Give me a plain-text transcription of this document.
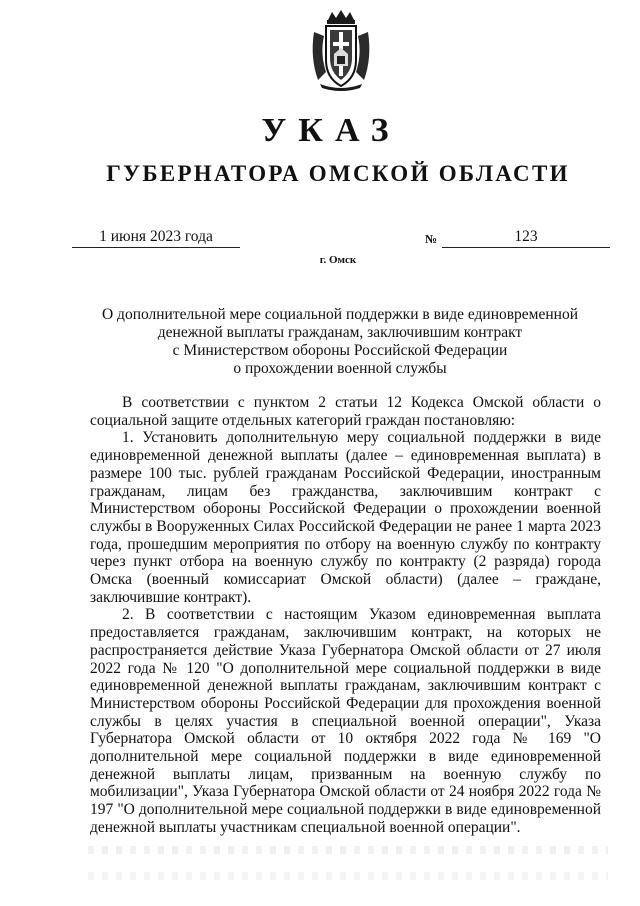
УКАЗ
ГУБЕРНАТОРА ОМСКОЙ ОБЛАСТИ
1 июня 2023 года	№	123
г. Омск
О дополнительной мере социальной поддержки в виде единовременной
денежной выплаты гражданам, заключившим контракт
с Министерством обороны Российской Федерации
о прохождении военной службы

В соответствии с пунктом 2 статьи 12 Кодекса Омской области о социальной защите отдельных категорий граждан постановляю:

1. Установить дополнительную меру социальной поддержки в виде единовременной денежной выплаты (далее – единовременная выплата) в размере 100 тыс. рублей гражданам Российской Федерации, иностранным гражданам, лицам без гражданства, заключившим контракт с Министерством обороны Российской Федерации о прохождении военной службы в Вооруженных Силах Российской Федерации не ранее 1 марта 2023 года, прошедшим мероприятия по отбору на военную службу по контракту через пункт отбора на военную службу по контракту (2 разряда) города Омска (военный комиссариат Омской области) (далее – граждане, заключившие контракт).

2. В соответствии с настоящим Указом единовременная выплата предоставляется гражданам, заключившим контракт, на которых не распространяется действие Указа Губернатора Омской области от 27 июля 2022 года № 120 "О дополнительной мере социальной поддержки в виде единовременной денежной выплаты гражданам, заключившим контракт с Министерством обороны Российской Федерации для прохождения военной службы в целях участия в специальной военной операции", Указа Губернатора Омской области от 10 октября 2022 года № 169 "О дополнительной мере социальной поддержки в виде единовременной денежной выплаты лицам, призванным на военную службу по мобилизации", Указа Губернатора Омской области от 24 ноября 2022 года № 197 "О дополнительной мере социальной поддержки в виде единовременной денежной выплаты участникам специальной военной операции".
